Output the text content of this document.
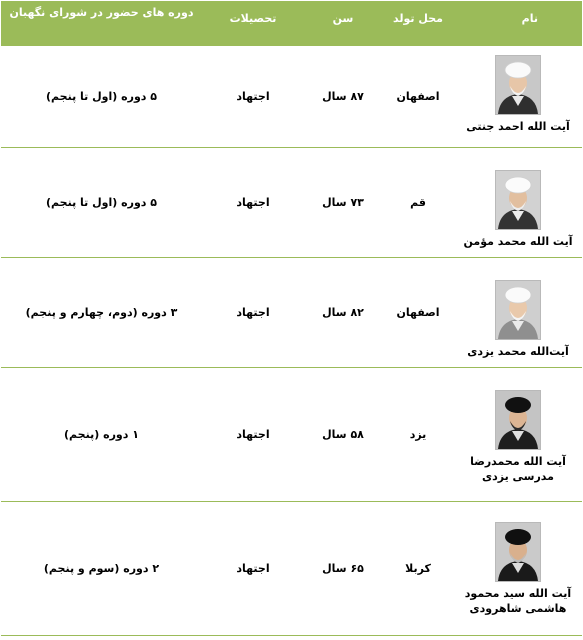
نام	محل تولد	سن	تحصیلات	دوره های حضور در شورای نگهبان

آیت الله احمد جنتی	اصفهان	۸۷ سال	اجتهاد	۵ دوره (اول تا پنجم)

آیت الله محمد مؤمن	قم	۷۳ سال	اجتهاد	۵ دوره (اول تا پنجم)

آیت‌الله محمد یزدی	اصفهان	۸۲ سال	اجتهاد	۳ دوره (دوم، چهارم و پنجم)

آیت الله محمدرضا مدرسی یزدی	یزد	۵۸ سال	اجتهاد	۱ دوره (پنجم)

آیت الله سید محمود هاشمی شاهرودی	کربلا	۶۵ سال	اجتهاد	۲ دوره (سوم و پنجم)
